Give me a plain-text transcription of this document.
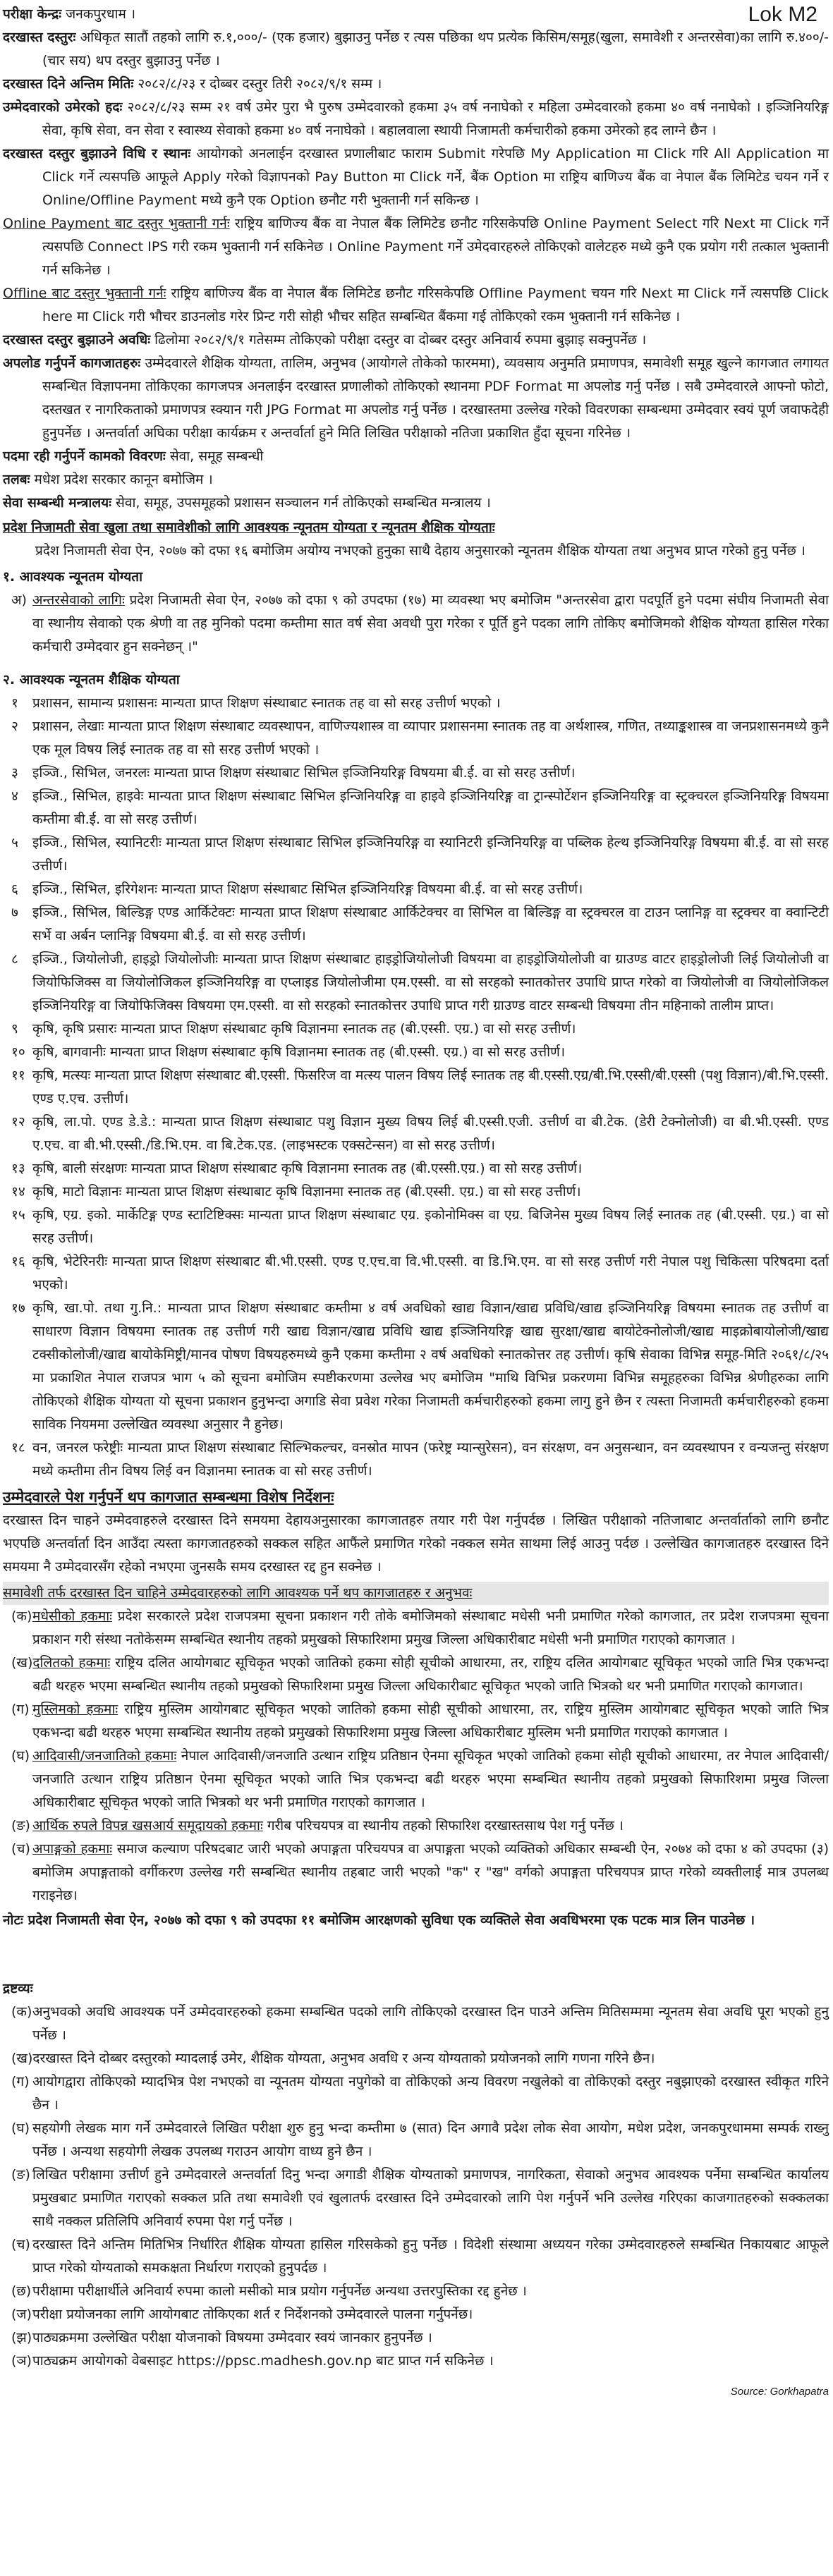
Lok M2
परीक्षा केन्द्रः जनकपुरधाम ।
दरखास्त दस्तुरः अधिकृत सातौं तहको लागि रु.१,०००/- (एक हजार) बुझाउनु पर्नेछ र त्यस पछिका थप प्रत्येक किसिम/समूह(खुला, समावेशी र अन्तरसेवा)का लागि रु.४००/-(चार सय) थप दस्तुर बुझाउनु पर्नेछ ।
दरखास्त दिने अन्तिम मितिः २०८२/८/२३ र दोब्बर दस्तुर तिरी २०८२/९/१ सम्म ।
उम्मेदवारको उमेरको हदः २०८२/८/२३ सम्म २१ वर्ष उमेर पुरा भै पुरुष उम्मेदवारको हकमा ३५ वर्ष ननाघेको र महिला उम्मेदवारको हकमा ४० वर्ष ननाघेको । इञ्जिनियरिङ्ग सेवा, कृषि सेवा, वन सेवा र स्वास्थ्य सेवाको हकमा ४० वर्ष ननाघेको । बहालवाला स्थायी निजामती कर्मचारीको हकमा उमेरको हद लाग्ने छैन ।
दरखास्त दस्तुर बुझाउने विधि र स्थानः आयोगको अनलाईन दरखास्त प्रणालीबाट फाराम Submit गरेपछि My Application मा Click गरि All Application मा Click गर्ने त्यसपछि आफूले Apply गरेको विज्ञापनको Pay Button मा Click गर्ने, बैंक Option मा राष्ट्रिय बाणिज्य बैंक वा नेपाल बैंक लिमिटेड चयन गर्ने र Online/Offline Payment मध्ये कुनै एक Option छनौट गरी भुक्तानी गर्न सकिन्छ ।
Online Payment बाट दस्तुर भुक्तानी गर्नः राष्ट्रिय बाणिज्य बैंक वा नेपाल बैंक लिमिटेड छनौट गरिसकेपछि Online Payment Select गरि Next मा Click गर्ने त्यसपछि Connect IPS गरी रकम भुक्तानी गर्न सकिनेछ । Online Payment गर्ने उमेदवारहरुले तोकिएको वालेटहरु मध्ये कुनै एक प्रयोग गरी तत्काल भुक्तानी गर्न सकिनेछ ।
Offline बाट दस्तुर भुक्तानी गर्नः राष्ट्रिय बाणिज्य बैंक वा नेपाल बैंक लिमिटेड छनौट गरिसकेपछि Offline Payment चयन गरि Next मा Click गर्ने त्यसपछि Click here मा Click गरी भौचर डाउनलोड गरेर प्रिन्ट गरी सोही भौचर सहित सम्बन्धित बैंकमा गई तोकिएको रकम भुक्तानी गर्न सकिनेछ ।
दरखास्त दस्तुर बुझाउने अवधिः ढिलोमा २०८२/९/१ गतेसम्म तोकिएको परीक्षा दस्तुर वा दोब्बर दस्तुर अनिवार्य रुपमा बुझाइ सक्नुपर्नेछ ।
अपलोड गर्नुपर्ने कागजातहरुः उम्मेदवारले शैक्षिक योग्यता, तालिम, अनुभव (आयोगले तोकेको फारममा), व्यवसाय अनुमति प्रमाणपत्र, समावेशी समूह खुल्ने कागजात लगायत सम्बन्धित विज्ञापनमा तोकिएका कागजपत्र अनलाईन दरखास्त प्रणालीको तोकिएको स्थानमा PDF Format मा अपलोड गर्नु पर्नेछ । सबै उम्मेदवारले आफ्नो फोटो, दस्तखत र नागरिकताको प्रमाणपत्र स्क्यान गरी JPG Format मा अपलोड गर्नु पर्नेछ । दरखास्तमा उल्लेख गरेको विवरणका सम्बन्धमा उम्मेदवार स्वयं पूर्ण जवाफदेही हुनुपर्नेछ । अन्तर्वार्ता अघिका परीक्षा कार्यक्रम र अन्तर्वार्ता हुने मिति लिखित परीक्षाको नतिजा प्रकाशित हुँदा सूचना गरिनेछ ।
पदमा रही गर्नुपर्ने कामको विवरणः सेवा, समूह सम्बन्धी
तलबः मधेश प्रदेश सरकार कानून बमोजिम ।
सेवा सम्बन्धी मन्त्रालयः सेवा, समूह, उपसमूहको प्रशासन सञ्चालन गर्न तोकिएको सम्बन्धित मन्त्रालय ।
प्रदेश निजामती सेवा खुला तथा समावेशीको लागि आवश्यक न्यूनतम योग्यता र न्यूनतम शैक्षिक योग्यताः
प्रदेश निजामती सेवा ऐन, २०७७ को दफा १६ बमोजिम अयोग्य नभएको हुनुका साथै देहाय अनुसारको न्यूनतम शैक्षिक योग्यता तथा अनुभव प्राप्त गरेको हुनु पर्नेछ ।
१. आवश्यक न्यूनतम योग्यता
अ) अन्तरसेवाको लागिः प्रदेश निजामती सेवा ऐन, २०७७ को दफा ९ को उपदफा (१७) मा व्यवस्था भए बमोजिम "अन्तरसेवा द्वारा पदपूर्ति हुने पदमा संघीय निजामती सेवा वा स्थानीय सेवाको एक श्रेणी वा तह मुनिको पदमा कम्तीमा सात वर्ष सेवा अवधी पुरा गरेका र पूर्ति हुने पदका लागि तोकिए बमोजिमको शैक्षिक योग्यता हासिल गरेका कर्मचारी उम्मेदवार हुन सक्नेछन् ।"
२. आवश्यक न्यूनतम शैक्षिक योग्यता
१	प्रशासन, सामान्य प्रशासनः मान्यता प्राप्त शिक्षण संस्थाबाट स्नातक तह वा सो सरह उत्तीर्ण भएको ।
२	प्रशासन, लेखाः मान्यता प्राप्त शिक्षण संस्थाबाट व्यवस्थापन, वाणिज्यशास्त्र वा व्यापार प्रशासनमा स्नातक तह वा अर्थशास्त्र, गणित, तथ्याङ्कशास्त्र वा जनप्रशासनमध्ये कुनै एक मूल विषय लिई स्नातक तह वा सो सरह उत्तीर्ण भएको ।
३	इञ्जि., सिभिल, जनरलः मान्यता प्राप्त शिक्षण संस्थाबाट सिभिल इञ्जिनियरिङ्ग विषयमा बी.ई. वा सो सरह उत्तीर्ण।
४	इञ्जि., सिभिल, हाइवेः मान्यता प्राप्त शिक्षण संस्थाबाट सिभिल इन्जिनियरिङ्ग वा हाइवे इञ्जिनियरिङ्ग वा ट्रान्स्पोर्टेशन इञ्जिनियरिङ्ग वा स्ट्रक्चरल इञ्जिनियरिङ्ग विषयमा कम्तीमा बी.ई. वा सो सरह उत्तीर्ण।
५	इञ्जि., सिभिल, स्यानिटरीः मान्यता प्राप्त शिक्षण संस्थाबाट सिभिल इञ्जिनियरिङ्ग वा स्यानिटरी इन्जिनियरिङ्ग वा पब्लिक हेल्थ इञ्जिनियरिङ्ग विषयमा बी.ई. वा सो सरह उत्तीर्ण।
६	इञ्जि., सिभिल, इरिगेशनः मान्यता प्राप्त शिक्षण संस्थाबाट सिभिल इञ्जिनियरिङ्ग विषयमा बी.ई. वा सो सरह उत्तीर्ण।
७	इञ्जि., सिभिल, बिल्डिङ्ग एण्ड आर्किटेक्टः मान्यता प्राप्त शिक्षण संस्थाबाट आर्किटेक्चर वा सिभिल वा बिल्डिङ्ग वा स्ट्रक्चरल वा टाउन प्लानिङ्ग वा स्ट्रक्चर वा क्वान्टिटी सर्भे वा अर्बन प्लानिङ्ग विषयमा बी.ई. वा सो सरह उत्तीर्ण।
८	इञ्जि., जियोलोजी, हाइड्रो जियोलोजीः मान्यता प्राप्त शिक्षण संस्थाबाट हाइड्रोजियोलोजी विषयमा वा हाइड्रोजियोलोजी वा ग्राउण्ड वाटर हाइड्रोलोजी लिई जियोलोजी वा जियोफिजिक्स वा जियोलोजिकल इञ्जिनियरिङ्ग वा एप्लाइड जियोलोजीमा एम.एस्सी. वा सो सरहको स्नातकोत्तर उपाधि प्राप्त गरेको वा जियोलोजी वा जियोलोजिकल इञ्जिनियरिङ्ग वा जियोफिजिक्स विषयमा एम.एस्सी. वा सो सरहको स्नातकोत्तर उपाधि प्राप्त गरी ग्राउण्ड वाटर सम्बन्धी विषयमा तीन महिनाको तालीम प्राप्त।
९	कृषि, कृषि प्रसारः मान्यता प्राप्त शिक्षण संस्थाबाट कृषि विज्ञानमा स्नातक तह (बी.एस्सी. एग्र.) वा सो सरह उत्तीर्ण।
१० कृषि, बागवानीः मान्यता प्राप्त शिक्षण संस्थाबाट कृषि विज्ञानमा स्नातक तह (बी.एस्सी. एग्र.) वा सो सरह उत्तीर्ण।
११ कृषि, मत्स्यः मान्यता प्राप्त शिक्षण संस्थाबाट बी.एस्सी. फिसरिज वा मत्स्य पालन विषय लिई स्नातक तह बी.एस्सी.एग्र/बी.भि.एस्सी/बी.एस्सी (पशु विज्ञान)/बी.भि.एस्सी. एण्ड ए.एच. उत्तीर्ण।
१२ कृषि, ला.पो. एण्ड डे.डे.: मान्यता प्राप्त शिक्षण संस्थाबाट पशु विज्ञान मुख्य विषय लिई बी.एस्सी.एजी. उत्तीर्ण वा बी.टेक. (डेरी टेक्नोलोजी) वा बी.भी.एस्सी. एण्ड ए.एच. वा बी.भी.एस्सी./डि.भि.एम. वा बि.टेक.एड. (लाइभस्टक एक्सटेन्सन) वा सो सरह उत्तीर्ण।
१३ कृषि, बाली संरक्षणः मान्यता प्राप्त शिक्षण संस्थाबाट कृषि विज्ञानमा स्नातक तह (बी.एस्सी.एग्र.) वा सो सरह उत्तीर्ण।
१४ कृषि, माटो विज्ञानः मान्यता प्राप्त शिक्षण संस्थाबाट कृषि विज्ञानमा स्नातक तह (बी.एस्सी. एग्र.) वा सो सरह उत्तीर्ण।
१५ कृषि, एग्र. इको. मार्केटिङ्ग एण्ड स्टाटिष्टिक्सः मान्यता प्राप्त शिक्षण संस्थाबाट एग्र. इकोनोमिक्स वा एग्र. बिजिनेस मुख्य विषय लिई स्नातक तह (बी.एस्सी. एग्र.) वा सो सरह उत्तीर्ण।
१६ कृषि, भेटेरिनरीः मान्यता प्राप्त शिक्षण संस्थाबाट बी.भी.एस्सी. एण्ड ए.एच.वा वि.भी.एस्सी. वा डि.भि.एम. वा सो सरह उत्तीर्ण गरी नेपाल पशु चिकित्सा परिषदमा दर्ता भएको।
१७ कृषि, खा.पो. तथा गु.नि.: मान्यता प्राप्त शिक्षण संस्थाबाट कम्तीमा ४ वर्ष अवधिको खाद्य विज्ञान/खाद्य प्रविधि/खाद्य इञ्जिनियरिङ्ग विषयमा स्नातक तह उत्तीर्ण वा साधारण विज्ञान विषयमा स्नातक तह उत्तीर्ण गरी खाद्य विज्ञान/खाद्य प्रविधि खाद्य इञ्जिनियरिङ्ग खाद्य सुरक्षा/खाद्य बायोटेक्नोलोजी/खाद्य माइक्रोबायोलोजी/खाद्य टक्सीकोलोजी/खाद्य बायोकेमिष्ट्री/मानव पोषण विषयहरुमध्ये कुनै एकमा कम्तीमा २ वर्ष अवधिको स्नातकोत्तर तह उत्तीर्ण। कृषि सेवाका विभिन्न समूह-मिति २०६१/८/२५ मा प्रकाशित नेपाल राजपत्र भाग ५ को सूचना बमोजिम स्पष्टीकरणमा उल्लेख भए बमोजिम "माथि विभिन्न प्रकरणमा विभिन्न समूहहरुका विभिन्न श्रेणीहरुका लागि तोकिएको शैक्षिक योग्यता यो सूचना प्रकाशन हुनुभन्दा अगाडि सेवा प्रवेश गरेका निजामती कर्मचारीहरुको हकमा लागु हुने छैन र त्यस्ता निजामती कर्मचारीहरुको हकमा साविक नियममा उल्लेखित व्यवस्था अनुसार नै हुनेछ।
१८ वन, जनरल फरेष्ट्रीः मान्यता प्राप्त शिक्षण संस्थाबाट सिल्भिकल्चर, वनस्रोत मापन (फरेष्ट्र म्यान्सुरेसन), वन संरक्षण, वन अनुसन्धान, वन व्यवस्थापन र वन्यजन्तु संरक्षण मध्ये कम्तीमा तीन विषय लिई वन विज्ञानमा स्नातक वा सो सरह उत्तीर्ण।
उम्मेदवारले पेश गर्नुपर्ने थप कागजात सम्बन्धमा विशेष निर्देशनः
दरखास्त दिन चाहने उम्मेदवाहरुले दरखास्त दिने समयमा देहायअनुसारका कागजातहरु तयार गरी पेश गर्नुपर्दछ । लिखित परीक्षाको नतिजाबाट अन्तर्वार्ताको लागि छनौट भएपछि अन्तर्वार्ता दिन आउँदा त्यस्ता कागजातहरुको सक्कल सहित आफैंले प्रमाणित गरेको नक्कल समेत साथमा लिई आउनु पर्दछ । उल्लेखित कागजातहरु दरखास्त दिने समयमा नै उम्मेदवारसँग रहेको नभएमा जुनसकै समय दरखास्त रद्द हुन सक्नेछ ।
समावेशी तर्फ दरखास्त दिन चाहिने उम्मेदवारहरुको लागि आवश्यक पर्ने थप कागजातहरु र अनुभवः
(क) मधेसीको हकमाः प्रदेश सरकारले प्रदेश राजपत्रमा सूचना प्रकाशन गरी तोके बमोजिमको संस्थाबाट मधेसी भनी प्रमाणित गरेको कागजात, तर प्रदेश राजपत्रमा सूचना प्रकाशन गरी संस्था नतोकेसम्म सम्बन्धित स्थानीय तहको प्रमुखको सिफारिशमा प्रमुख जिल्ला अधिकारीबाट मधेसी भनी प्रमाणित गराएको कागजात ।
(ख) दलितको हकमाः राष्ट्रिय दलित आयोगबाट सूचिकृत भएको जातिको हकमा सोही सूचीको आधारमा, तर, राष्ट्रिय दलित आयोगबाट सूचिकृत भएको जाति भित्र एकभन्दा बढी थरहरु भएमा सम्बन्धित स्थानीय तहको प्रमुखको सिफारिशमा प्रमुख जिल्ला अधिकारीबाट सूचिकृत भएको जाति भित्रको थर भनी प्रमाणित गराएको कागजात।
(ग) मुस्लिमको हकमाः राष्ट्रिय मुस्लिम आयोगबाट सूचिकृत भएको जातिको हकमा सोही सूचीको आधारमा, तर, राष्ट्रिय मुस्लिम आयोगबाट सूचिकृत भएको जाति भित्र एकभन्दा बढी थरहरु भएमा सम्बन्धित स्थानीय तहको प्रमुखको सिफारिशमा प्रमुख जिल्ला अधिकारीबाट मुस्लिम भनी प्रमाणित गराएको कागजात ।
(घ) आदिवासी/जनजातिको हकमाः नेपाल आदिवासी/जनजाति उत्थान राष्ट्रिय प्रतिष्ठान ऐनमा सूचिकृत भएको जातिको हकमा सोही सूचीको आधारमा, तर नेपाल आदिवासी/जनजाति उत्थान राष्ट्रिय प्रतिष्ठान ऐनमा सूचिकृत भएको जाति भित्र एकभन्दा बढी थरहरु भएमा सम्बन्धित स्थानीय तहको प्रमुखको सिफारिशमा प्रमुख जिल्ला अधिकारीबाट सूचिकृत भएको जाति भित्रको थर भनी प्रमाणित गराएको कागजात ।
(ङ) आर्थिक रुपले विपन्न खसआर्य समूदायको हकमाः गरीब परिचयपत्र वा स्थानीय तहको सिफारिश दरखास्तसाथ पेश गर्नु पर्नेछ ।
(च) अपाङ्गको हकमाः समाज कल्याण परिषदबाट जारी भएको अपाङ्गता परिचयपत्र वा अपाङ्गता भएको व्यक्तिको अधिकार सम्बन्धी ऐन, २०७४ को दफा ४ को उपदफा (३) बमोजिम अपाङ्गताको वर्गीकरण उल्लेख गरी सम्बन्धित स्थानीय तहबाट जारी भएको "क" र "ख" वर्गको अपाङ्गता परिचयपत्र प्राप्त गरेको व्यक्तीलाई मात्र उपलब्ध गराइनेछ।
नोटः प्रदेश निजामती सेवा ऐन, २०७७ को दफा ९ को उपदफा ११ बमोजिम आरक्षणको सुविधा एक व्यक्तिले सेवा अवधिभरमा एक पटक मात्र लिन पाउनेछ ।
द्रष्टव्यः
(क) अनुभवको अवधि आवश्यक पर्ने उम्मेदवारहरुको हकमा सम्बन्धित पदको लागि तोकिएको दरखास्त दिन पाउने अन्तिम मितिसम्ममा न्यूनतम सेवा अवधि पूरा भएको हुनु पर्नेछ ।
(ख) दरखास्त दिने दोब्बर दस्तुरको म्यादलाई उमेर, शैक्षिक योग्यता, अनुभव अवधि र अन्य योग्यताको प्रयोजनको लागि गणना गरिने छैन।
(ग) आयोगद्वारा तोकिएको म्यादभित्र पेश नभएको वा न्यूनतम योग्यता नपुगेको वा तोकिएको अन्य विवरण नखुलेको वा तोकिएको दस्तुर नबुझाएको दरखास्त स्वीकृत गरिने छैन ।
(घ) सहयोगी लेखक माग गर्ने उम्मेदवारले लिखित परीक्षा शुरु हुनु भन्दा कम्तीमा ७ (सात) दिन अगावै प्रदेश लोक सेवा आयोग, मधेश प्रदेश, जनकपुरधाममा सम्पर्क राख्नु पर्नेछ । अन्यथा सहयोगी लेखक उपलब्ध गराउन आयोग वाध्य हुने छैन ।
(ङ) लिखित परीक्षामा उत्तीर्ण हुने उम्मेदवारले अन्तर्वार्ता दिनु भन्दा अगाडी शैक्षिक योग्यताको प्रमाणपत्र, नागरिकता, सेवाको अनुभव आवश्यक पर्नेमा सम्बन्धित कार्यालय प्रमुखबाट प्रमाणित गराएको सक्कल प्रति तथा समावेशी एवं खुलातर्फ दरखास्त दिने उम्मेदवारको लागि पेश गर्नुपर्ने भनि उल्लेख गरिएका काजगातहरुको सक्कलका साथै नक्कल प्रतिलिपि अनिवार्य रुपमा पेश गर्नु पर्नेछ ।
(च) दरखास्त दिने अन्तिम मितिभित्र निर्धारित शैक्षिक योग्यता हासिल गरिसकेको हुनु पर्नेछ । विदेशी संस्थामा अध्ययन गरेका उम्मेदवारहरुले सम्बन्धित निकायबाट आफूले प्राप्त गरेको योग्यताको समकक्षता निर्धारण गराएको हुनुपर्दछ ।
(छ) परीक्षामा परीक्षार्थीले अनिवार्य रुपमा कालो मसीको मात्र प्रयोग गर्नुपर्नेछ अन्यथा उत्तरपुस्तिका रद्द हुनेछ ।
(ज) परीक्षा प्रयोजनका लागि आयोगबाट तोकिएका शर्त र निर्देशनको उम्मेदवारले पालना गर्नुपर्नेछ।
(झ) पाठ्यक्रममा उल्लेखित परीक्षा योजनाको विषयमा उम्मेदवार स्वयं जानकार हुनुपर्नेछ ।
(ञ) पाठ्यक्रम आयोगको वेबसाइट https://ppsc.madhesh.gov.np बाट प्राप्त गर्न सकिनेछ ।
Source: Gorkhapatra
